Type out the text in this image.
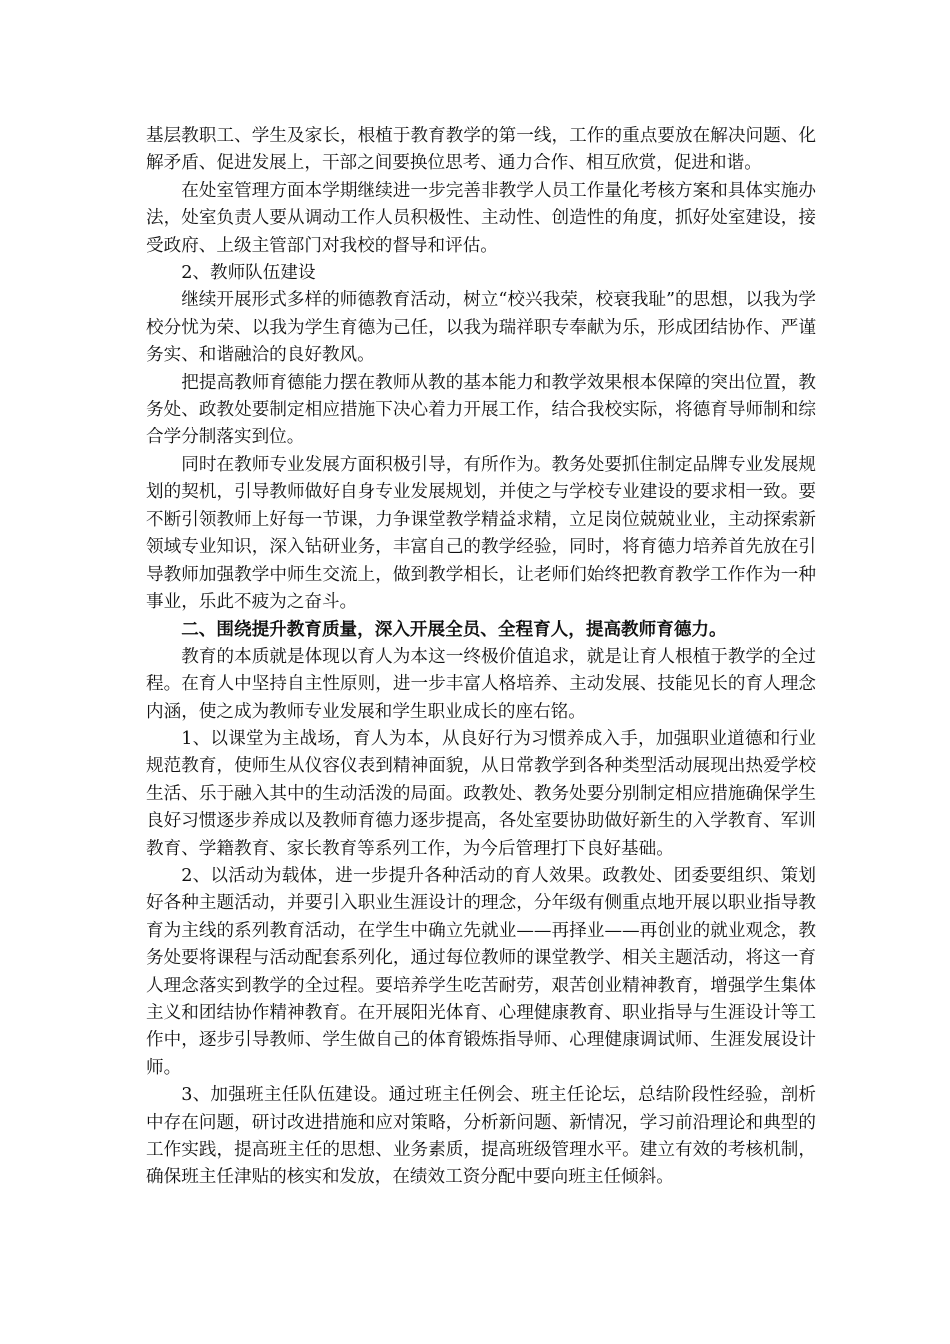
基层教职工、学生及家长，根植于教育教学的第一线，工作的重点要放在解决问题、化解矛盾、促进发展上，干部之间要换位思考、通力合作、相互欣赏，促进和谐。

在处室管理方面本学期继续进一步完善非教学人员工作量化考核方案和具体实施办法，处室负责人要从调动工作人员积极性、主动性、创造性的角度，抓好处室建设，接受政府、上级主管部门对我校的督导和评估。

2、教师队伍建设

继续开展形式多样的师德教育活动，树立“校兴我荣，校衰我耻”的思想，以我为学校分忧为荣、以我为学生育德为己任，以我为瑞祥职专奉献为乐，形成团结协作、严谨务实、和谐融洽的良好教风。

把提高教师育德能力摆在教师从教的基本能力和教学效果根本保障的突出位置，教务处、政教处要制定相应措施下决心着力开展工作，结合我校实际，将德育导师制和综合学分制落实到位。

同时在教师专业发展方面积极引导，有所作为。教务处要抓住制定品牌专业发展规划的契机，引导教师做好自身专业发展规划，并使之与学校专业建设的要求相一致。要不断引领教师上好每一节课，力争课堂教学精益求精，立足岗位兢兢业业，主动探索新领域专业知识，深入钻研业务，丰富自己的教学经验，同时，将育德力培养首先放在引导教师加强教学中师生交流上，做到教学相长，让老师们始终把教育教学工作作为一种事业，乐此不疲为之奋斗。

二、围绕提升教育质量，深入开展全员、全程育人，提高教师育德力。

教育的本质就是体现以育人为本这一终极价值追求，就是让育人根植于教学的全过程。在育人中坚持自主性原则，进一步丰富人格培养、主动发展、技能见长的育人理念内涵，使之成为教师专业发展和学生职业成长的座右铭。

1、以课堂为主战场，育人为本，从良好行为习惯养成入手，加强职业道德和行业规范教育，使师生从仪容仪表到精神面貌，从日常教学到各种类型活动展现出热爱学校生活、乐于融入其中的生动活泼的局面。政教处、教务处要分别制定相应措施确保学生良好习惯逐步养成以及教师育德力逐步提高，各处室要协助做好新生的入学教育、军训教育、学籍教育、家长教育等系列工作，为今后管理打下良好基础。

2、以活动为载体，进一步提升各种活动的育人效果。政教处、团委要组织、策划好各种主题活动，并要引入职业生涯设计的理念，分年级有侧重点地开展以职业指导教育为主线的系列教育活动，在学生中确立先就业——再择业——再创业的就业观念，教务处要将课程与活动配套系列化，通过每位教师的课堂教学、相关主题活动，将这一育人理念落实到教学的全过程。要培养学生吃苦耐劳，艰苦创业精神教育，增强学生集体主义和团结协作精神教育。在开展阳光体育、心理健康教育、职业指导与生涯设计等工作中，逐步引导教师、学生做自己的体育锻炼指导师、心理健康调试师、生涯发展设计师。

3、加强班主任队伍建设。通过班主任例会、班主任论坛，总结阶段性经验，剖析中存在问题，研讨改进措施和应对策略，分析新问题、新情况，学习前沿理论和典型的工作实践，提高班主任的思想、业务素质，提高班级管理水平。建立有效的考核机制，确保班主任津贴的核实和发放，在绩效工资分配中要向班主任倾斜。
